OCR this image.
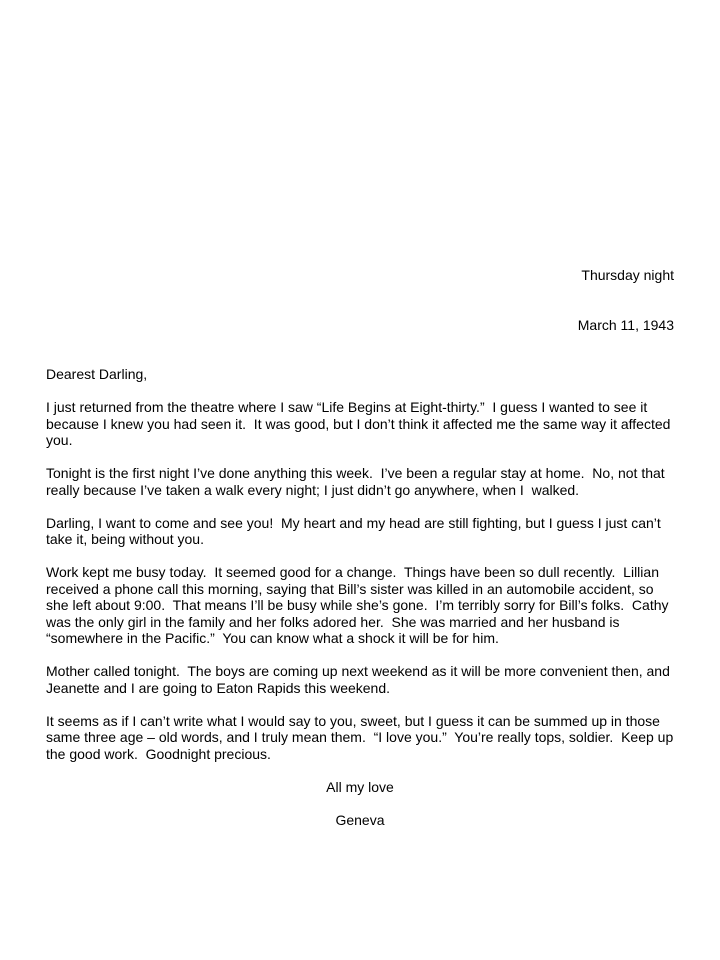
Thursday night

March 11, 1943

Dearest Darling,

I just returned from the theatre where I saw “Life Begins at Eight-thirty.”  I guess I wanted to see it because I knew you had seen it.  It was good, but I don’t think it affected me the same way it affected you.

Tonight is the first night I’ve done anything this week.  I’ve been a regular stay at home.  No, not that really because I’ve taken a walk every night; I just didn’t go anywhere, when I  walked.

Darling, I want to come and see you!  My heart and my head are still fighting, but I guess I just can’t take it, being without you.

Work kept me busy today.  It seemed good for a change.  Things have been so dull recently.  Lillian received a phone call this morning, saying that Bill’s sister was killed in an automobile accident, so she left about 9:00.  That means I’ll be busy while she’s gone.  I’m terribly sorry for Bill’s folks.  Cathy was the only girl in the family and her folks adored her.  She was married and her husband is “somewhere in the Pacific.”  You can know what a shock it will be for him.

Mother called tonight.  The boys are coming up next weekend as it will be more convenient then, and Jeanette and I are going to Eaton Rapids this weekend.

It seems as if I can’t write what I would say to you, sweet, but I guess it can be summed up in those same three age – old words, and I truly mean them.  “I love you.”  You’re really tops, soldier.  Keep up the good work.  Goodnight precious.

All my love
Geneva
